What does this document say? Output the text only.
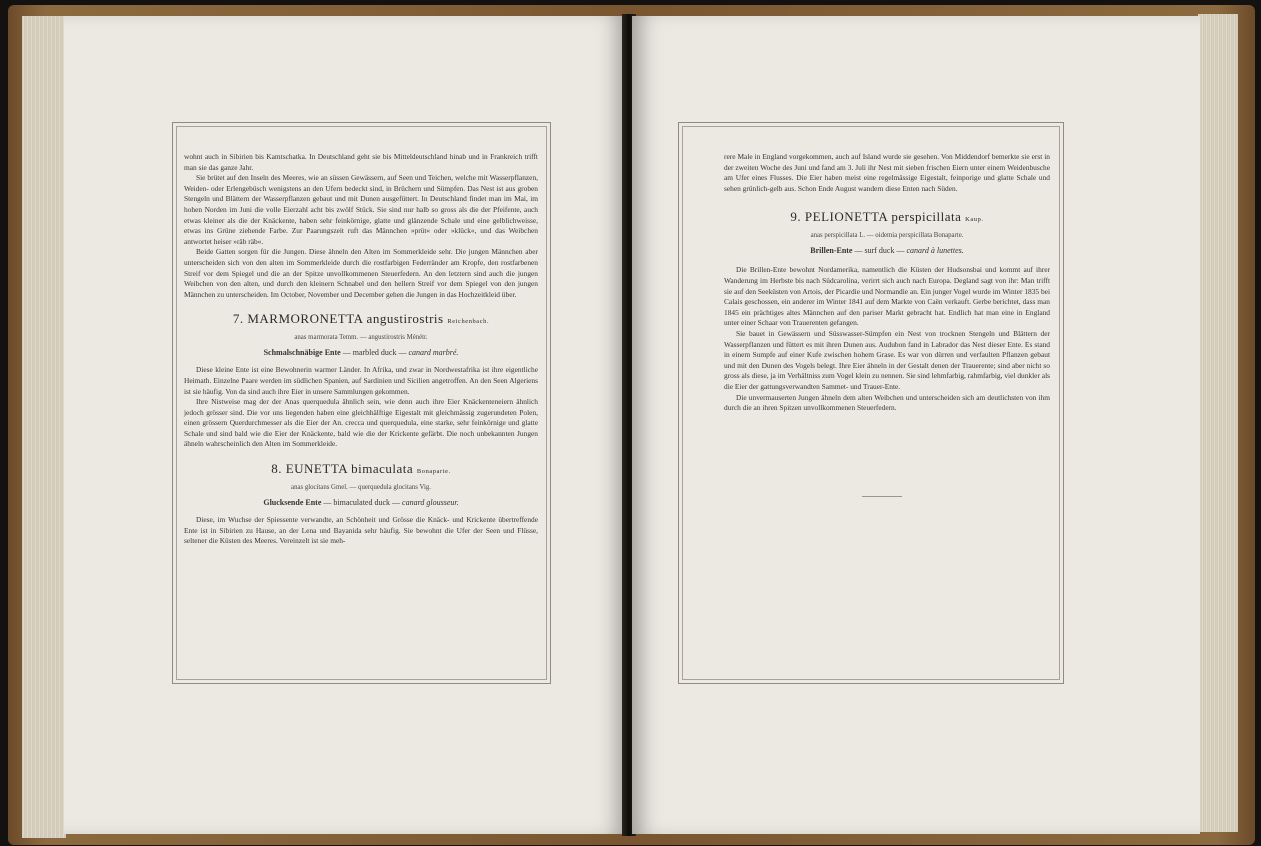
wohnt auch in Sibirien bis Kamtschatka. In Deutschland geht sie bis Mitteldeutschland hinab und in Frankreich trifft man sie das ganze Jahr.

Sie brütet auf den Inseln des Meeres, wie an süssen Gewässern, auf Seen und Teichen, welche mit Wasserpflanzen, Weiden- oder Erlengebüsch wenigstens an den Ufern bedeckt sind, in Brüchern und Sümpfen. Das Nest ist aus groben Stengeln und Blättern der Wasserpflanzen gebaut und mit Dunen ausgefüttert. In Deutschland findet man im Mai, im hohen Norden im Juni die volle Eierzahl acht bis zwölf Stück. Sie sind nur halb so gross als die der Pfeifente, auch etwas kleiner als die der Knäckente, haben sehr feinkörnige, glatte und glänzende Schale und eine gelblichweisse, etwas ins Grüne ziehende Farbe. Zur Paarungszeit ruft das Männchen »prüt« oder »klück«, und das Weibchen antwortet heiser »räb räb«.

Beide Gatten sorgen für die Jungen. Diese ähneln den Alten im Sommerkleide sehr. Die jungen Männchen aber unterscheiden sich von den alten im Sommerkleide durch die rostfarbigen Federränder am Kropfe, den rostfarbenen Streif vor dem Spiegel und die an der Spitze unvollkommenen Steuerfedern. An den letztern sind auch die jungen Weibchen von den alten, und durch den kleinern Schnabel und den hellern Streif vor dem Spiegel von den jungen Männchen zu unterscheiden. Im October, November und December gehen die Jungen in das Hochzeitkleid über.

7. MARMORONETTA angustirostris Reichenbach.

anas marmorata Temm. — angustirostris Ménétr.

Schmalschnäbige Ente — marbled duck — canard marbré.

Diese kleine Ente ist eine Bewohnerin warmer Länder. In Afrika, und zwar in Nordwestafrika ist ihre eigentliche Heimath. Einzelne Paare werden im südlichen Spanien, auf Sardinien und Sicilien angetroffen. An den Seen Algeriens ist sie häufig. Von da sind auch ihre Eier in unsere Sammlungen gekommen.

Ihre Nistweise mag der der Anas querquedula ähnlich sein, wie denn auch ihre Eier Knäckenteneiern ähnlich jedoch grösser sind. Die vor uns liegenden haben eine gleichhälftige Eigestalt mit gleichmässig zugerundeten Polen, einen grössern Querdurchmesser als die Eier der An. crecca und querquedula, eine starke, sehr feinkörnige und glatte Schale und sind bald wie die Eier der Knäckente, bald wie die der Krickente gefärbt. Die noch unbekannten Jungen ähneln wahrscheinlich den Alten im Sommerkleide.

8. EUNETTA bimaculata Bonaparte.

anas glocitans Gmel. — querquedula glocitans Vig.

Glucksende Ente — bimaculated duck — canard glousseur.

Diese, im Wuchse der Spiessente verwandte, an Schönheit und Grösse die Knäck- und Krickente übertreffende Ente ist in Sibirien zu Hause, an der Lena und Bayanida sehr häufig. Sie bewohnt die Ufer der Seen und Flüsse, seltener die Küsten des Meeres. Vereinzelt ist sie meh-

rere Male in England vorgekommen, auch auf Island wurde sie gesehen. Von Middendorf bemerkte sie erst in der zweiten Woche des Juni und fand am 3. Juli ihr Nest mit sieben frischen Eiern unter einem Weidenbusche am Ufer eines Flusses. Die Eier haben meist eine regelmässige Eigestalt, feinporige und glatte Schale und sehen grünlich-gelb aus. Schon Ende August wandern diese Enten nach Süden.

9. PELIONETTA perspicillata Kaup.

anas perspicillata L. — oidemia perspicillata Bonaparte.

Brillen-Ente — surf duck — canard à lunettes.

Die Brillen-Ente bewohnt Nordamerika, namentlich die Küsten der Hudsonsbai und kommt auf ihrer Wanderung im Herbste bis nach Südcarolina, verirrt sich auch nach Europa. Degland sagt von ihr: Man trifft sie auf den Seeküsten von Artois, der Picardie und Normandie an. Ein junger Vogel wurde im Winter 1835 bei Calais geschossen, ein anderer im Winter 1841 auf dem Markte von Caën verkauft. Gerbe berichtet, dass man 1845 ein prächtiges altes Männchen auf den pariser Markt gebracht hat. Endlich hat man eine in England unter einer Schaar von Trauerenten gefangen.

Sie bauet in Gewässern und Süsswasser-Sümpfen ein Nest von trocknen Stengeln und Blättern der Wasserpflanzen und füttert es mit ihren Dunen aus. Audubon fand in Labrador das Nest dieser Ente. Es stand in einem Sumpfe auf einer Kufe zwischen hohem Grase. Es war von dürren und verfaulten Pflanzen gebaut und mit den Dunen des Vogels belegt. Ihre Eier ähneln in der Gestalt denen der Trauerente; sind aber nicht so gross als diese, ja im Verhältniss zum Vogel klein zu nennen. Sie sind lehmfarbig, rahmfarbig, viel dunkler als die Eier der gattungsverwandten Sammet- und Trauer-Ente.

Die unvermauserten Jungen ähneln dem alten Weibchen und unterscheiden sich am deutlichsten von ihm durch die an ihren Spitzen unvollkommenen Steuerfedern.
